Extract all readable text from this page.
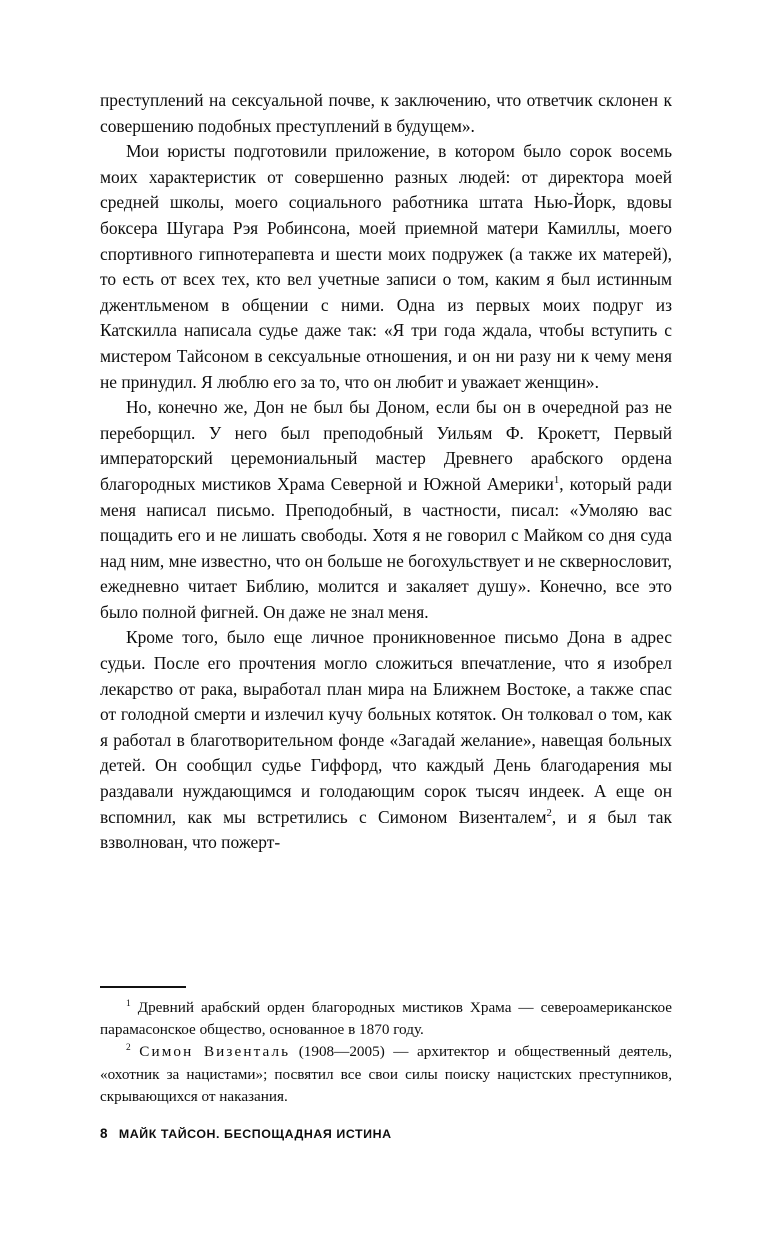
преступлений на сексуальной почве, к заключению, что ответчик склонен к совершению подобных преступлений в будущем».

Мои юристы подготовили приложение, в котором было сорок восемь моих характеристик от совершенно разных людей: от директора моей средней школы, моего социального работника штата Нью-Йорк, вдовы боксера Шугара Рэя Робинсона, моей приемной матери Камиллы, моего спортивного гипнотерапевта и шести моих подружек (а также их матерей), то есть от всех тех, кто вел учетные записи о том, каким я был истинным джентльменом в общении с ними. Одна из первых моих подруг из Катскилла написала судье даже так: «Я три года ждала, чтобы вступить с мистером Тайсоном в сексуальные отношения, и он ни разу ни к чему меня не принудил. Я люблю его за то, что он любит и уважает женщин».

Но, конечно же, Дон не был бы Доном, если бы он в очередной раз не переборщил. У него был преподобный Уильям Ф. Крокетт, Первый императорский церемониальный мастер Древнего арабского ордена благородных мистиков Храма Северной и Южной Америки$^1$, который ради меня написал письмо. Преподобный, в частности, писал: «Умоляю вас пощадить его и не лишать свободы. Хотя я не говорил с Майком со дня суда над ним, мне известно, что он больше не богохульствует и не сквернословит, ежедневно читает Библию, молится и закаляет душу». Конечно, все это было полной фигней. Он даже не знал меня.

Кроме того, было еще личное проникновенное письмо Дона в адрес судьи. После его прочтения могло сложиться впечатление, что я изобрел лекарство от рака, выработал план мира на Ближнем Востоке, а также спас от голодной смерти и излечил кучу больных котяток. Он толковал о том, как я работал в благотворительном фонде «Загадай желание», навещая больных детей. Он сообщил судье Гиффорд, что каждый День благодарения мы раздавали нуждающимся и голодающим сорок тысяч индеек. А еще он вспомнил, как мы встретились с Симоном Визенталем$^2$, и я был так взволнован, что пожерт-

$^1$ Древний арабский орден благородных мистиков Храма — североамериканское парамасонское общество, основанное в 1870 году.

$^2$ Симон Визенталь (1908—2005) — архитектор и общественный деятель, «охотник за нацистами»; посвятил все свои силы поиску нацистских преступников, скрывающихся от наказания.

8 МАЙК ТАЙСОН. БЕСПОЩАДНАЯ ИСТИНА
